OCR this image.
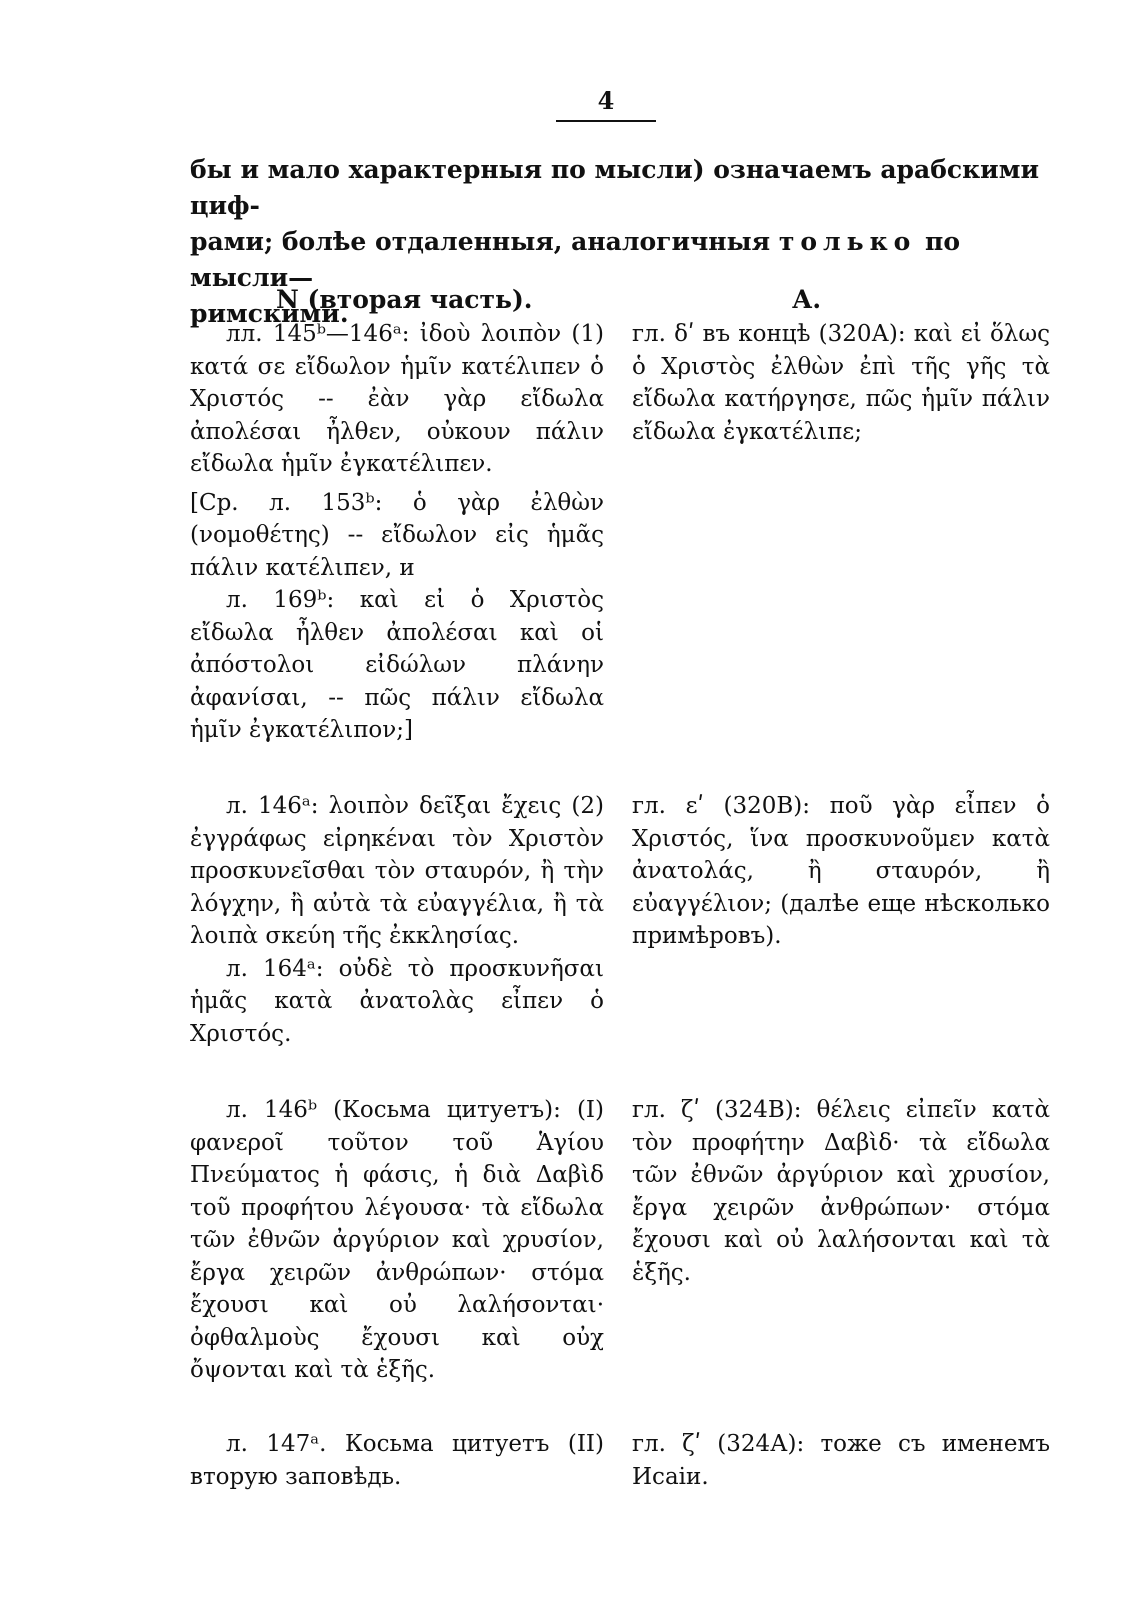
4

бы и мало характерныя по мысли) означаемъ арабскими циф-
рами; болѣе отдаленныя, аналогичныя только по мысли—
римскими.

N (вторая часть).	А.
лл. 145ᵇ—146ᵃ: ἰδοὺ λοιπὸν (1) κατά σε εἴδωλον ἡμῖν κατέλιπεν ὁ Χριστός -- ἐὰν γὰρ εἴδωλα ἀπολέσαι ἦλθεν, οὐκουν πάλιν εἴδωλα ἡμῖν ἐγκατέλιπεν.
[Ср. л. 153ᵇ: ὁ γὰρ ἐλθὼν (νομοθέτης) -- εἴδωλον εἰς ἡμᾶς πάλιν κατέλιπεν, и
л. 169ᵇ: καὶ εἰ ὁ Χριστὸς εἴδωλα ἦλθεν ἀπολέσαι καὶ οἱ ἀπόστολοι εἰδώλων πλάνην ἀφανίσαι, -- πῶς πάλιν εἴδωλα ἡμῖν ἐγκατέλιπον;]
гл. δʹ въ концѣ (320А): καὶ εἰ ὅλως ὁ Χριστὸς ἐλθὼν ἐπὶ τῆς γῆς τὰ εἴδωλα κατήργησε, πῶς ἡμῖν πάλιν εἴδωλα ἐγκατέλιπε;
л. 146ᵃ: λοιπὸν δεῖξαι ἔχεις (2) ἐγγράφως εἰρηκέναι τὸν Χριστὸν προσκυνεῖσθαι τὸν σταυρόν, ἢ τὴν λόγχην, ἢ αὐτὰ τὰ εὐαγγέλια, ἢ τὰ λοιπὰ σκεύη τῆς ἐκκλησίας.
л. 164ᵃ: οὐδὲ τὸ προσκυνῆσαι ἡμᾶς κατὰ ἀνατολὰς εἶπεν ὁ Χριστός.
гл. εʹ (320В): ποῦ γὰρ εἶπεν ὁ Χριστός, ἵνα προσκυνοῦμεν κατὰ ἀνατολάς, ἢ σταυρόν, ἢ εὐαγγέλιον; (далѣе еще нѣсколько примѣровъ).
л. 146ᵇ (Косьма цитуетъ): (I) φανεροῖ τοῦτον τοῦ Ἁγίου Πνεύματος ἡ φάσις, ἡ διὰ Δαβὶδ τοῦ προφήτου λέγουσα· τὰ εἴδωλα τῶν ἐθνῶν ἀργύριον καὶ χρυσίον, ἔργα χειρῶν ἀνθρώπων· στόμα ἔχουσι καὶ οὐ λαλήσονται· ὀφθαλμοὺς ἔχουσι καὶ οὐχ ὄψονται καὶ τὰ ἑξῆς.
гл. ζʹ (324В): θέλεις εἰπεῖν κατὰ τὸν προφήτην Δαβὶδ· τὰ εἴδωλα τῶν ἐθνῶν ἀργύριον καὶ χρυσίον, ἔργα χειρῶν ἀνθρώπων· στόμα ἔχουσι καὶ οὐ λαλήσονται καὶ τὰ ἑξῆς.
л. 147ᵃ. Косьма цитуетъ (II) вторую заповѣдь.
гл. ζʹ (324А): тоже съ именемъ Исаіи.
